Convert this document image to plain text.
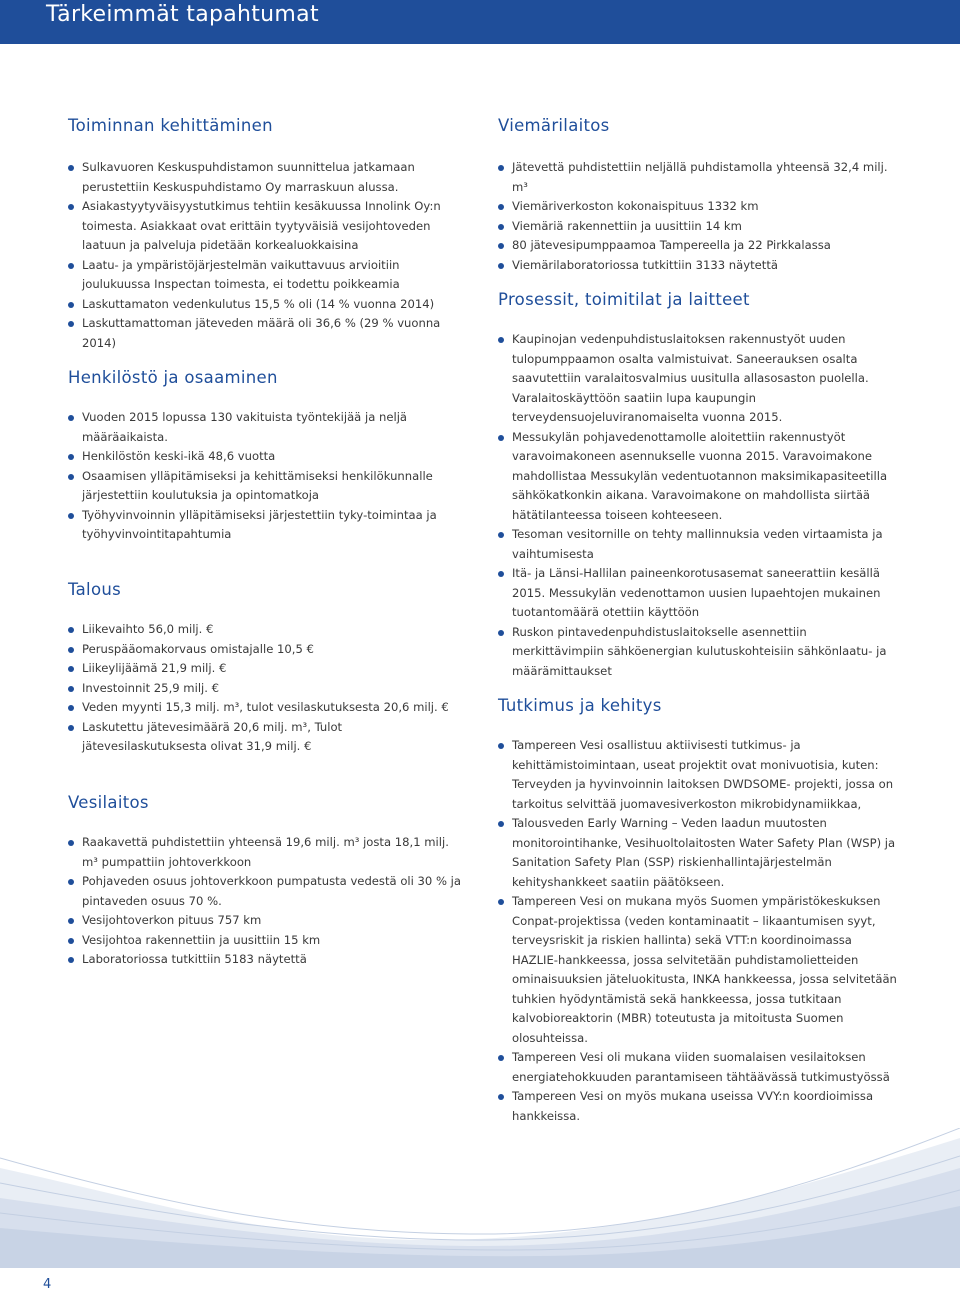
Tärkeimmät tapahtumat
Toiminnan kehittäminen
Sulkavuoren Keskuspuhdistamon suunnittelua jatkamaan perustettiin Keskuspuhdistamo Oy marraskuun alussa.
Asiakastyytyväisyystutkimus tehtiin kesäkuussa Innolink Oy:n toimesta. Asiakkaat ovat erittäin tyytyväisiä vesijohtoveden laatuun ja palveluja pidetään korkealuokkaisina
Laatu- ja ympäristöjärjestelmän vaikuttavuus arvioitiin joulukuussa Inspectan toimesta, ei todettu poikkeamia
Laskuttamaton vedenkulutus 15,5 % oli (14 % vuonna 2014)
Laskuttamattoman jäteveden määrä oli 36,6 % (29 % vuonna 2014)
Henkilöstö ja osaaminen
Vuoden 2015 lopussa 130 vakituista työntekijää ja neljä määräaikaista.
Henkilöstön keski-ikä 48,6 vuotta
Osaamisen ylläpitämiseksi ja kehittämiseksi henkilökunnalle järjestettiin koulutuksia ja opintomatkoja
Työhyvinvoinnin ylläpitämiseksi järjestettiin tyky-toimintaa ja työhyvinvointitapahtumia
Talous
Liikevaihto 56,0 milj. €
Peruspääomakorvaus omistajalle 10,5 €
Liikeylijäämä 21,9 milj. €
Investoinnit 25,9 milj. €
Veden myynti 15,3 milj. m³, tulot vesilaskutuksesta 20,6 milj. €
Laskutettu jätevesimäärä 20,6 milj. m³, Tulot jätevesilaskutuksesta olivat 31,9 milj. €
Vesilaitos
Raakavettä puhdistettiin yhteensä 19,6 milj. m³ josta 18,1 milj. m³ pumpattiin johtoverkkoon
Pohjaveden osuus johtoverkkoon pumpatusta vedestä oli 30 % ja pintaveden osuus 70 %.
Vesijohtoverkon pituus 757 km
Vesijohtoa rakennettiin ja uusittiin 15 km
Laboratoriossa tutkittiin 5183 näytettä
Viemärilaitos
Jätevettä puhdistettiin neljällä puhdistamolla yhteensä 32,4 milj. m³
Viemäriverkoston kokonaispituus 1332 km
Viemäriä rakennettiin ja uusittiin 14 km
80 jätevesipumppaamoa Tampereella ja 22 Pirkkalassa
Viemärilaboratoriossa tutkittiin 3133 näytettä
Prosessit, toimitilat ja laitteet
Kaupinojan vedenpuhdistuslaitoksen rakennustyöt uuden tulopumppaamon osalta valmistuivat. Saneerauksen osalta saavutettiin varalaitosvalmius uusitulla allasosaston puolella. Varalaitoskäyttöön saatiin lupa kaupungin terveydensuojeluviranomaiselta vuonna 2015.
Messukylän pohjavedenottamolle aloitettiin rakennustyöt varavoimakoneen asennukselle vuonna 2015. Varavoimakone mahdollistaa Messukylän vedentuotannon maksimikapasiteetilla sähkökatkonkin aikana. Varavoimakone on mahdollista siirtää hätätilanteessa toiseen kohteeseen.
Tesoman vesitornille on tehty mallinnuksia veden virtaamista ja vaihtumisesta
Itä- ja Länsi-Hallilan paineenkorotusasemat saneerattiin kesällä 2015. Messukylän vedenottamon uusien lupaehtojen mukainen tuotantomäärä otettiin käyttöön
Ruskon pintavedenpuhdistuslaitokselle asennettiin merkittävimpiin sähköenergian kulutuskohteisiin sähkönlaatu- ja määrämittaukset
Tutkimus ja kehitys
Tampereen Vesi osallistuu aktiivisesti tutkimus- ja kehittämistoimintaan, useat projektit ovat monivuotisia, kuten: Terveyden ja hyvinvoinnin laitoksen DWDSOME- projekti, jossa on tarkoitus selvittää juomavesiverkoston mikrobidynamiikkaa,
Talousveden Early Warning – Veden laadun muutosten monitorointihanke, Vesihuoltolaitosten Water Safety Plan (WSP) ja Sanitation Safety Plan (SSP) riskienhallintajärjestelmän kehityshankkeet saatiin päätökseen.
Tampereen Vesi on mukana myös Suomen ympäristökeskuksen Conpat-projektissa (veden kontaminaatit – likaantumisen syyt, terveysriskit ja riskien hallinta) sekä VTT:n koordinoimassa HAZLIE-hankkeessa, jossa selvitetään puhdistamolietteiden ominaisuuksien jäteluokitusta, INKA hankkeessa, jossa selvitetään tuhkien hyödyntämistä sekä hankkeessa, jossa tutkitaan kalvobioreaktorin (MBR) toteutusta ja mitoitusta Suomen olosuhteissa.
Tampereen Vesi oli mukana viiden suomalaisen vesilaitoksen energiatehokkuuden parantamiseen tähtäävässä tutkimustyössä
Tampereen Vesi on myös mukana useissa VVY:n koordioimissa hankkeissa.
4
